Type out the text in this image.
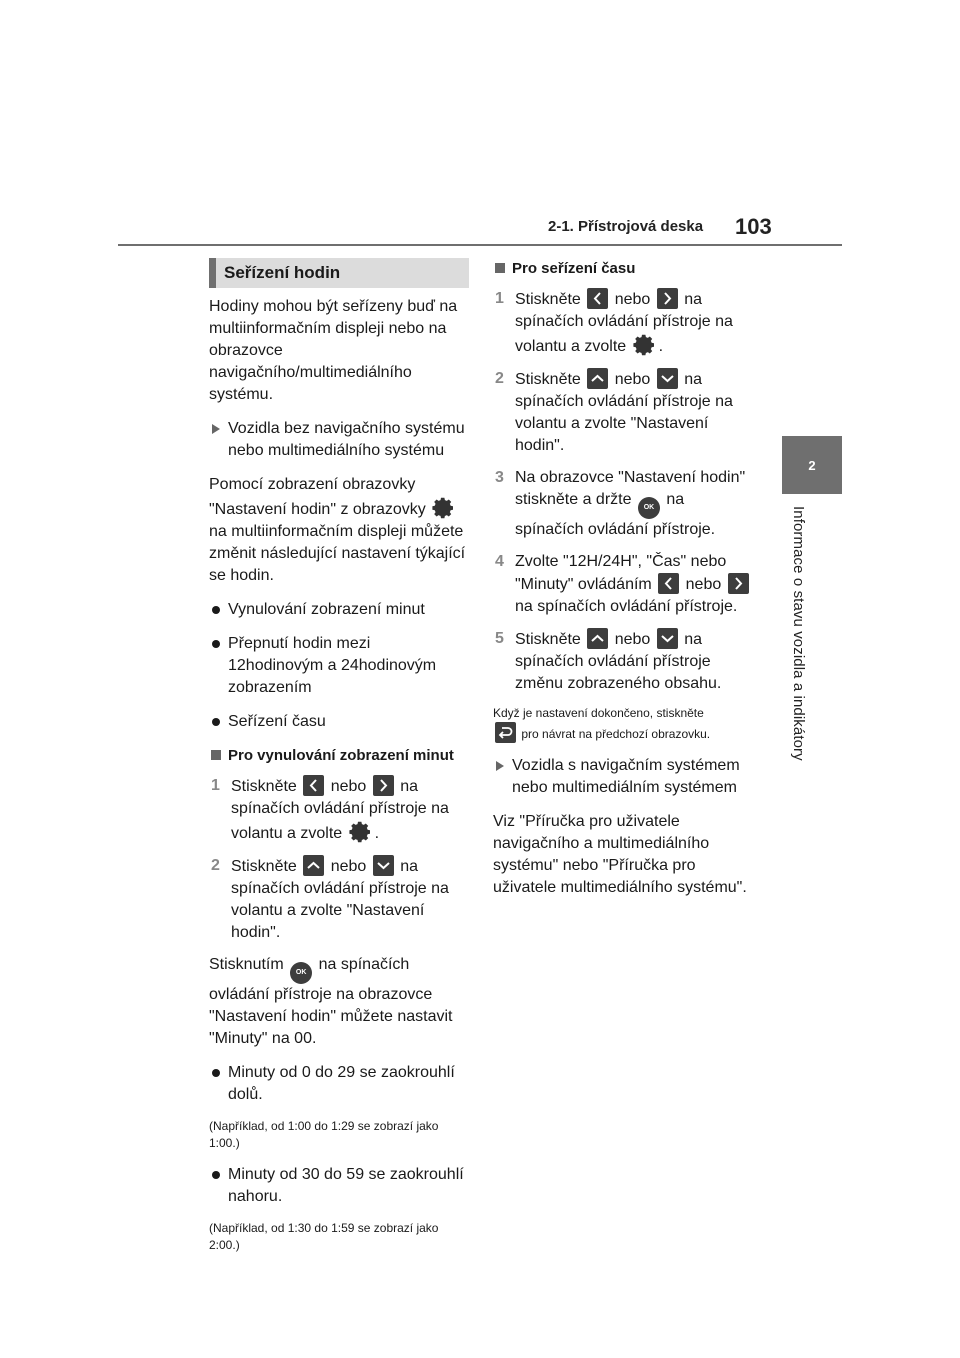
2-1. Přístrojová deska 103
2
Informace o stavu vozidla a indikátory
Seřízení hodin

Hodiny mohou být seřízeny buď na multiinformačním displeji nebo na obrazovce navigačního/multimediálního systému.

Vozidla bez navigačního systému nebo multimediálního systému

Pomocí zobrazení obrazovky "Nastavení hodin" z obrazovky
na multiinformačním displeji můžete změnit následující nastavení týkající se hodin.

Vynulování zobrazení minut
Přepnutí hodin mezi 12hodinovým a 24hodinovým zobrazením
Seřízení času
Pro vynulování zobrazení minut
1 Stiskněte nebo na spínačích ovládání přístroje na volantu a zvolte .
2 Stiskněte nebo na spínačích ovládání přístroje na volantu a zvolte "Nastavení hodin".

Stisknutím OK na spínačích ovládání přístroje na obrazovce "Nastavení hodin" můžete nastavit "Minuty" na 00.

Minuty od 0 do 29 se zaokrouhlí dolů.
(Například, od 1:00 do 1:29 se zobrazí jako 1:00.)
Minuty od 30 do 59 se zaokrouhlí nahoru.
(Například, od 1:30 do 1:59 se zobrazí jako 2:00.)
Pro seřízení času
1 Stiskněte nebo na spínačích ovládání přístroje na volantu a zvolte .
2 Stiskněte nebo na spínačích ovládání přístroje na volantu a zvolte "Nastavení hodin".
3 Na obrazovce "Nastavení hodin" stiskněte a držte OK na spínačích ovládání přístroje.
4 Zvolte "12H/24H", "Čas" nebo "Minuty" ovládáním nebo
na spínačích ovládání přístroje.
5 Stiskněte nebo na spínačích ovládání přístroje změnu zobrazeného obsahu.
Když je nastavení dokončeno, stiskněte

pro návrat na předchozí obrazovku.
Vozidla s navigačním systémem nebo multimediálním systémem

Viz "Příručka pro uživatele navigačního a multimediálního systému" nebo "Příručka pro uživatele multimediálního systému".
